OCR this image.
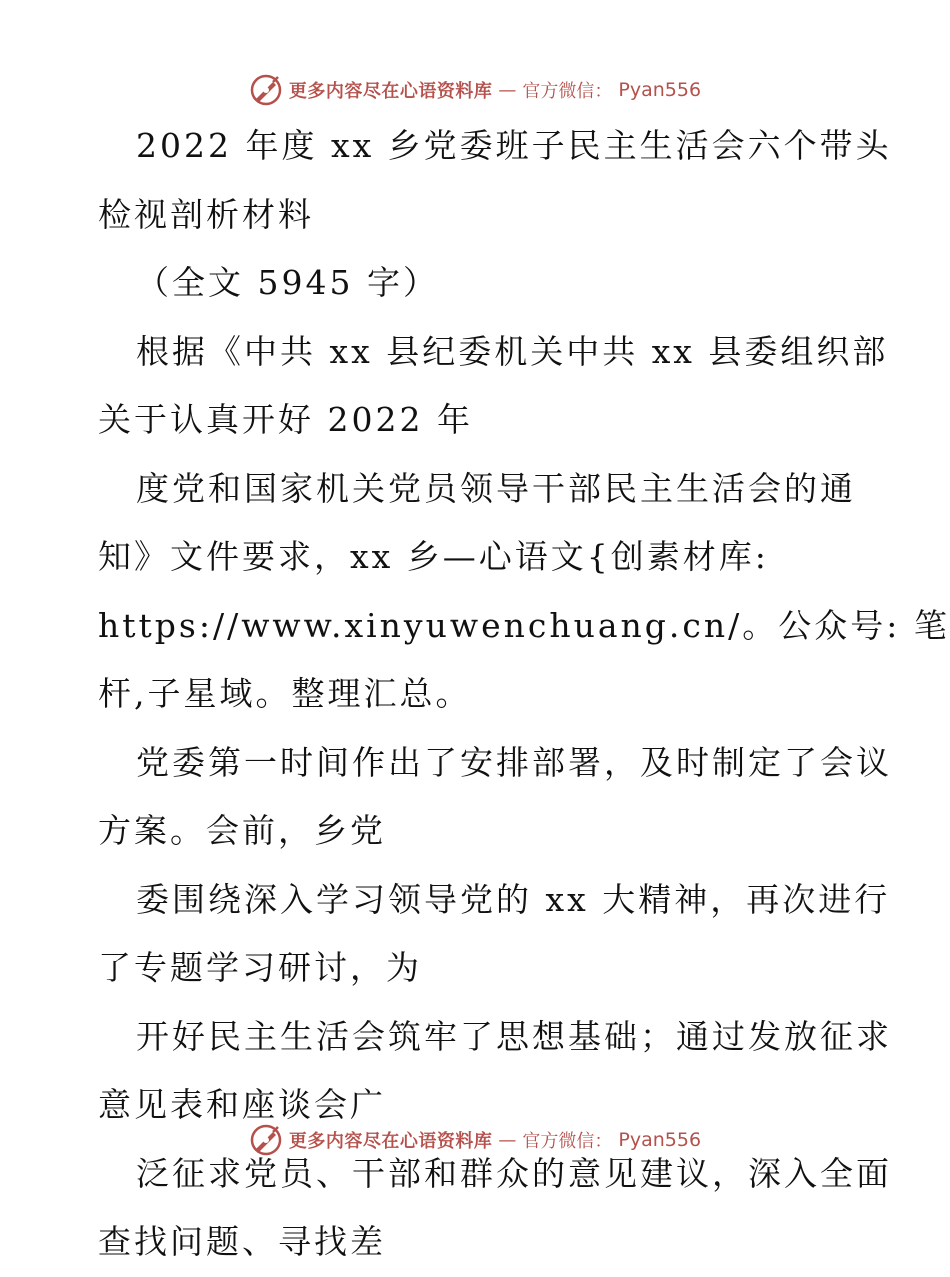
更多内容尽在心语资料库 — 官方微信： Pyan556

2022 年度 xx 乡党委班子民主生活会六个带头

检视剖析材料

（全文 5945 字）

根据《中共 xx 县纪委机关中共 xx 县委组织部

关于认真开好 2022 年

度党和国家机关党员领导干部民主生活会的通

知》文件要求，xx 乡—心语文{创素材库:

https://www.xinyuwenchuang.cn/。公众号: 笔

杆,子星域。整理汇总。

党委第一时间作出了安排部署，及时制定了会议

方案。会前，乡党

委围绕深入学习领导党的 xx 大精神，再次进行

了专题学习研讨，为

开好民主生活会筑牢了思想基础；通过发放征求

意见表和座谈会广

泛征求党员、干部和群众的意见建议，深入全面

查找问题、寻找差

更多内容尽在心语资料库 — 官方微信： Pyan556
